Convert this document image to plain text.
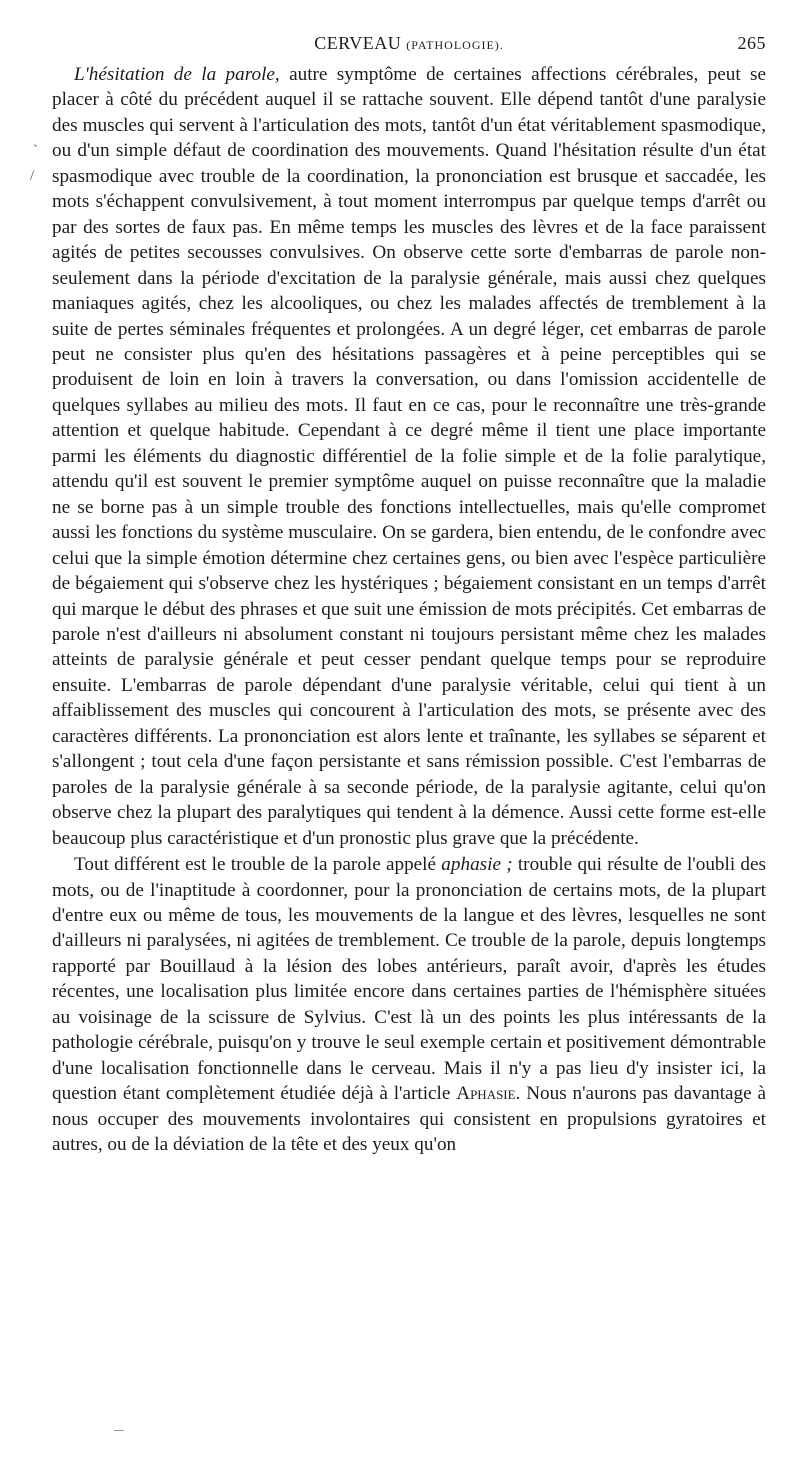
CERVEAU (PATHOLOGIE).	265
ˋ
/

L'hésitation de la parole, autre symptôme de certaines affections cérébrales, peut se placer à côté du précédent auquel il se rattache souvent. Elle dépend tantôt d'une paralysie des muscles qui servent à l'articulation des mots, tantôt d'un état véritablement spasmodique, ou d'un simple défaut de coordination des mouvements. Quand l'hésitation résulte d'un état spasmodique avec trouble de la coordination, la prononciation est brusque et saccadée, les mots s'échappent convulsivement, à tout moment interrompus par quelque temps d'arrêt ou par des sortes de faux pas. En même temps les muscles des lèvres et de la face paraissent agités de petites secousses convulsives. On observe cette sorte d'embarras de parole non-seulement dans la période d'excitation de la paralysie générale, mais aussi chez quelques maniaques agités, chez les alcooliques, ou chez les malades affectés de tremblement à la suite de pertes séminales fréquentes et prolongées. A un degré léger, cet embarras de parole peut ne consister plus qu'en des hésitations passagères et à peine perceptibles qui se produisent de loin en loin à travers la conversation, ou dans l'omission accidentelle de quelques syllabes au milieu des mots. Il faut en ce cas, pour le reconnaître une très-grande attention et quelque habitude. Cependant à ce degré même il tient une place importante parmi les éléments du diagnostic différentiel de la folie simple et de la folie paralytique, attendu qu'il est souvent le premier symptôme auquel on puisse reconnaître que la maladie ne se borne pas à un simple trouble des fonctions intellectuelles, mais qu'elle compromet aussi les fonctions du système musculaire. On se gardera, bien entendu, de le confondre avec celui que la simple émotion détermine chez certaines gens, ou bien avec l'espèce particulière de bégaiement qui s'observe chez les hystériques ; bégaiement consistant en un temps d'arrêt qui marque le début des phrases et que suit une émission de mots précipités. Cet embarras de parole n'est d'ailleurs ni absolument constant ni toujours persistant même chez les malades atteints de paralysie générale et peut cesser pendant quelque temps pour se reproduire ensuite. L'embarras de parole dépendant d'une paralysie véritable, celui qui tient à un affaiblissement des muscles qui concourent à l'articulation des mots, se présente avec des caractères différents. La prononciation est alors lente et traînante, les syllabes se séparent et s'allongent ; tout cela d'une façon persistante et sans rémission possible. C'est l'embarras de paroles de la paralysie générale à sa seconde période, de la paralysie agitante, celui qu'on observe chez la plupart des paralytiques qui tendent à la démence. Aussi cette forme est-elle beaucoup plus caractéristique et d'un pronostic plus grave que la précédente.

Tout différent est le trouble de la parole appelé aphasie ; trouble qui résulte de l'oubli des mots, ou de l'inaptitude à coordonner, pour la prononciation de certains mots, de la plupart d'entre eux ou même de tous, les mouvements de la langue et des lèvres, lesquelles ne sont d'ailleurs ni paralysées, ni agitées de tremblement. Ce trouble de la parole, depuis longtemps rapporté par Bouillaud à la lésion des lobes antérieurs, paraît avoir, d'après les études récentes, une localisation plus limitée encore dans certaines parties de l'hémisphère situées au voisinage de la scissure de Sylvius. C'est là un des points les plus intéressants de la pathologie cérébrale, puisqu'on y trouve le seul exemple certain et positivement démontrable d'une localisation fonctionnelle dans le cerveau. Mais il n'y a pas lieu d'y insister ici, la question étant complètement étudiée déjà à l'article Aphasie. Nous n'aurons pas davantage à nous occuper des mouvements involontaires qui consistent en propulsions gyratoires et autres, ou de la déviation de la tête et des yeux qu'on
